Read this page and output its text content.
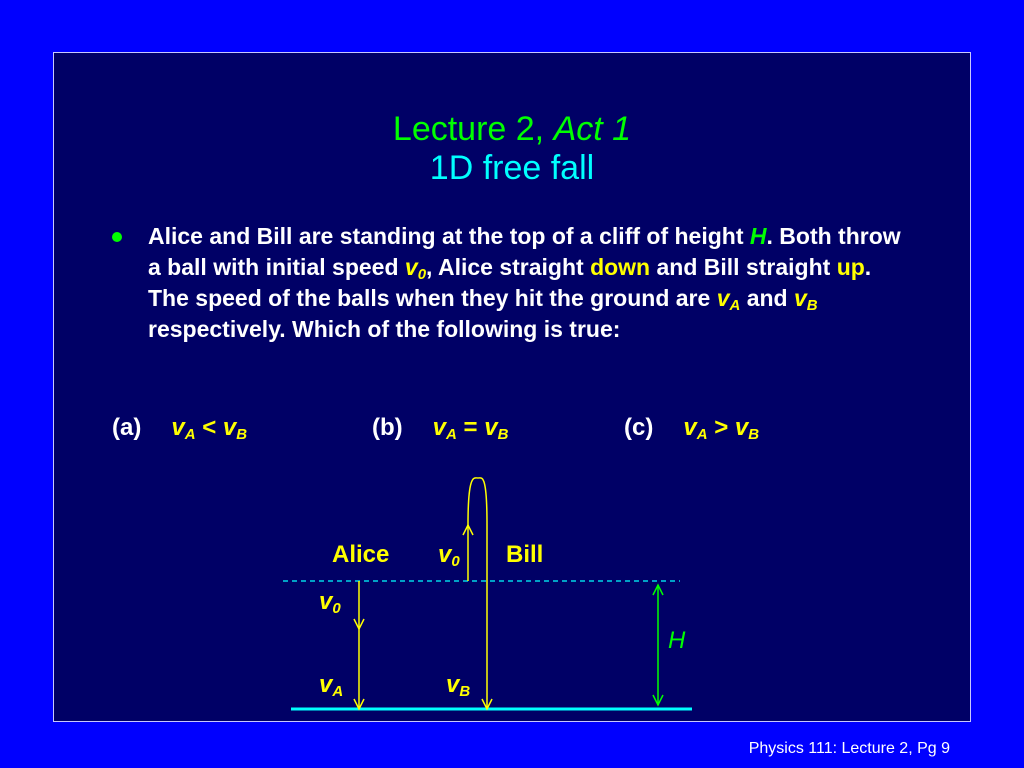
Lecture 2, Act 1
1D free fall
Alice and Bill are standing at the top of a cliff of height H. Both throw a ball with initial speed $v_0$, Alice straight down and Bill straight up. The speed of the balls when they hit the ground are $v_A$ and $v_B$ respectively. Which of the following is true:
(a) $v_A < v_B$	(b) $v_A = v_B$	(c) $v_A > v_B$
Alice $v_0$ Bill
$v_0$
$v_A$	$v_B$
H
Physics 111: Lecture 2, Pg 9
